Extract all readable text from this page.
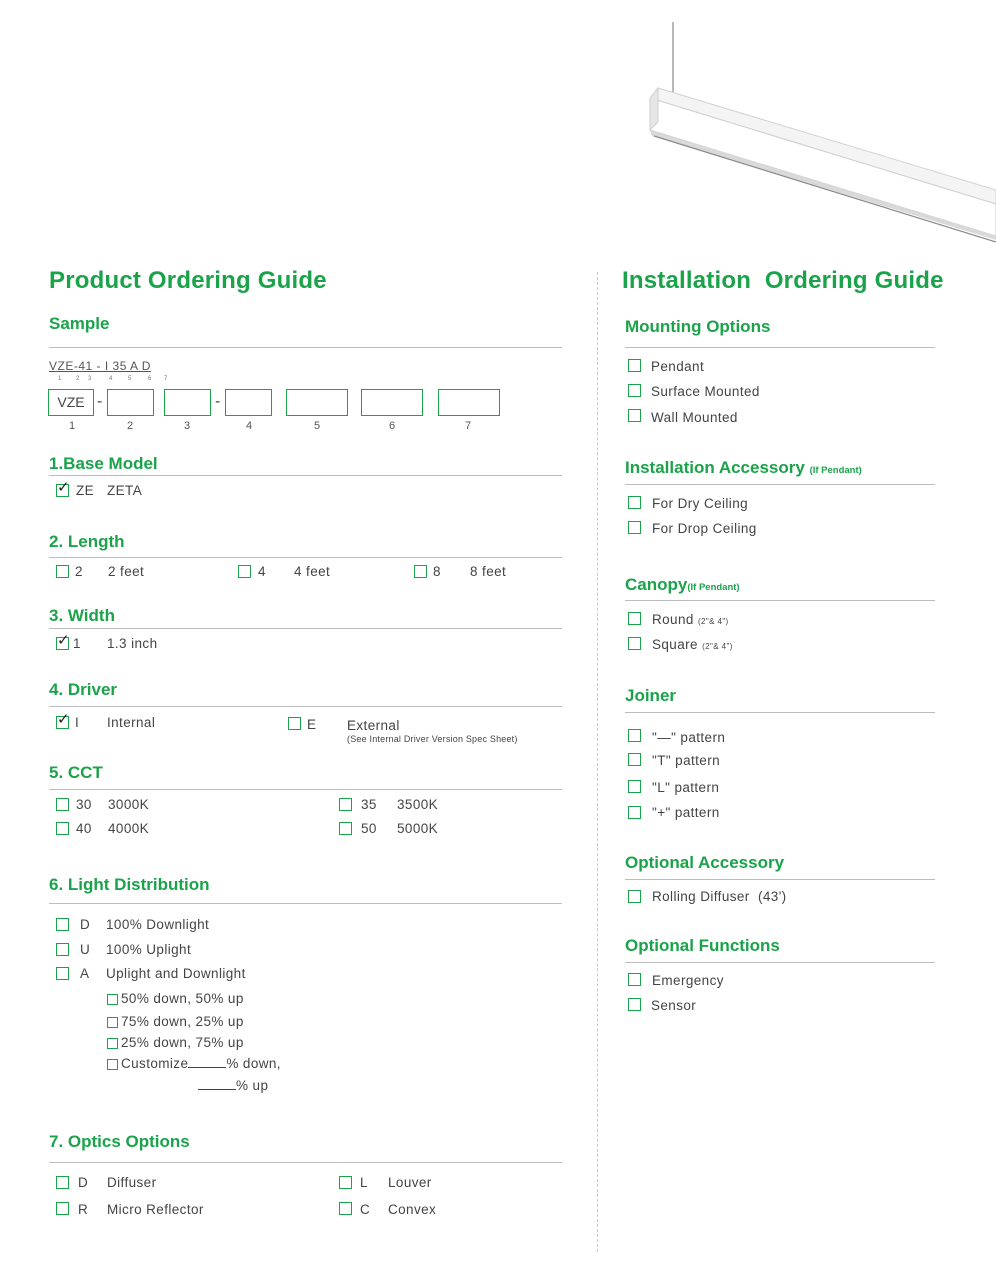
Product Ordering Guide	Installation  Ordering Guide
Sample
VZE-41 - I 35 A D
1 2 3	4	5	6 7
VZE -	-
1	2	3	4	5	6	7
1.Base Model
✓ ZE ZETA
2. Length
2 2 feet	4 4 feet	8 8 feet
3. Width
✓ 1 1.3 inch
4. Driver
✓ I Internal	E External
(See Internal Driver Version Spec Sheet)
5. CCT
30 3000K	35 3500K
40 4000K	50 5000K
6. Light Distribution
D 100% Downlight
U 100% Uplight
A Uplight and Downlight
50% down, 50% up
75% down, 25% up
25% down, 75% up
Customize	% down,
% up
7. Optics Options
D Diffuser	L Louver
R Micro Reflector	C Convex
Mounting Options
Pendant
Surface Mounted
Wall Mounted
Installation Accessory (If Pendant)
For Dry Ceiling
For Drop Ceiling
Canopy(If Pendant)
Round (2"& 4")
Square (2"& 4")
Joiner
"—" pattern
"T" pattern
"L" pattern
"+" pattern
Optional Accessory
Rolling Diffuser  (43')
Optional Functions
Emergency
Sensor
